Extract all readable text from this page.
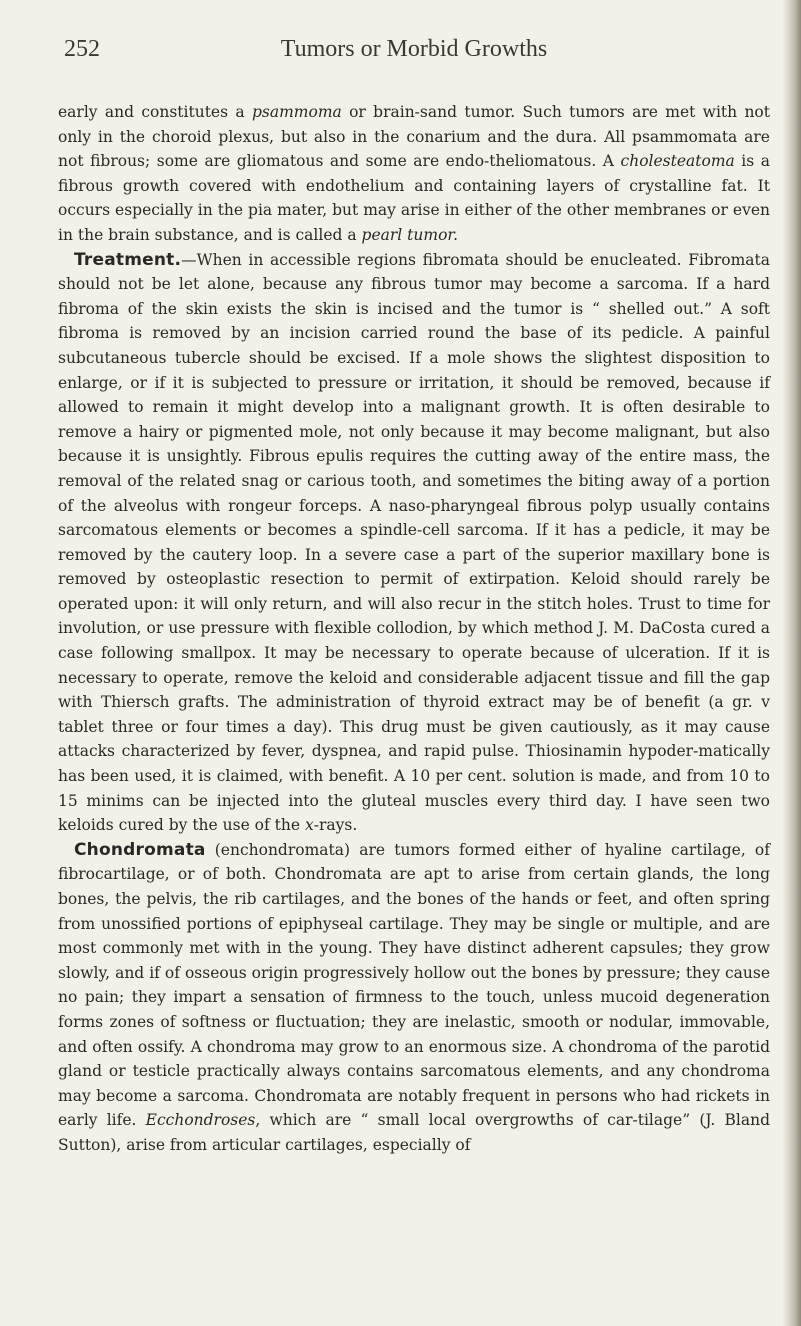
252	Tumors or Morbid Growths

early and constitutes a psammoma or brain-sand tumor. Such tumors are met with not only in the choroid plexus, but also in the conarium and the dura. All psammomata are not fibrous; some are gliomatous and some are endo-theliomatous. A cholesteatoma is a fibrous growth covered with endothelium and containing layers of crystalline fat. It occurs especially in the pia mater, but may arise in either of the other membranes or even in the brain substance, and is called a pearl tumor.

Treatment.—When in accessible regions fibromata should be enucleated. Fibromata should not be let alone, because any fibrous tumor may become a sarcoma. If a hard fibroma of the skin exists the skin is incised and the tumor is “ shelled out.” A soft fibroma is removed by an incision carried round the base of its pedicle. A painful subcutaneous tubercle should be excised. If a mole shows the slightest disposition to enlarge, or if it is subjected to pressure or irritation, it should be removed, because if allowed to remain it might develop into a malignant growth. It is often desirable to remove a hairy or pigmented mole, not only because it may become malignant, but also because it is unsightly. Fibrous epulis requires the cutting away of the entire mass, the removal of the related snag or carious tooth, and sometimes the biting away of a portion of the alveolus with rongeur forceps. A naso-pharyngeal fibrous polyp usually contains sarcomatous elements or becomes a spindle-cell sarcoma. If it has a pedicle, it may be removed by the cautery loop. In a severe case a part of the superior maxillary bone is removed by osteoplastic resection to permit of extirpation. Keloid should rarely be operated upon: it will only return, and will also recur in the stitch holes. Trust to time for involution, or use pressure with flexible collodion, by which method J. M. DaCosta cured a case following smallpox. It may be necessary to operate because of ulceration. If it is necessary to operate, remove the keloid and considerable adjacent tissue and fill the gap with Thiersch grafts. The administration of thyroid extract may be of benefit (a gr. v tablet three or four times a day). This drug must be given cautiously, as it may cause attacks characterized by fever, dyspnea, and rapid pulse. Thiosinamin hypoder-matically has been used, it is claimed, with benefit. A 10 per cent. solution is made, and from 10 to 15 minims can be injected into the gluteal muscles every third day. I have seen two keloids cured by the use of the x-rays.

Chondromata (enchondromata) are tumors formed either of hyaline cartilage, of fibrocartilage, or of both. Chondromata are apt to arise from certain glands, the long bones, the pelvis, the rib cartilages, and the bones of the hands or feet, and often spring from unossified portions of epiphyseal cartilage. They may be single or multiple, and are most commonly met with in the young. They have distinct adherent capsules; they grow slowly, and if of osseous origin progressively hollow out the bones by pressure; they cause no pain; they impart a sensation of firmness to the touch, unless mucoid degeneration forms zones of softness or fluctuation; they are inelastic, smooth or nodular, immovable, and often ossify. A chondroma may grow to an enormous size. A chondroma of the parotid gland or testicle practically always contains sarcomatous elements, and any chondroma may become a sarcoma. Chondromata are notably frequent in persons who had rickets in early life. Ecchondroses, which are “ small local overgrowths of car-tilage” (J. Bland Sutton), arise from articular cartilages, especially of
